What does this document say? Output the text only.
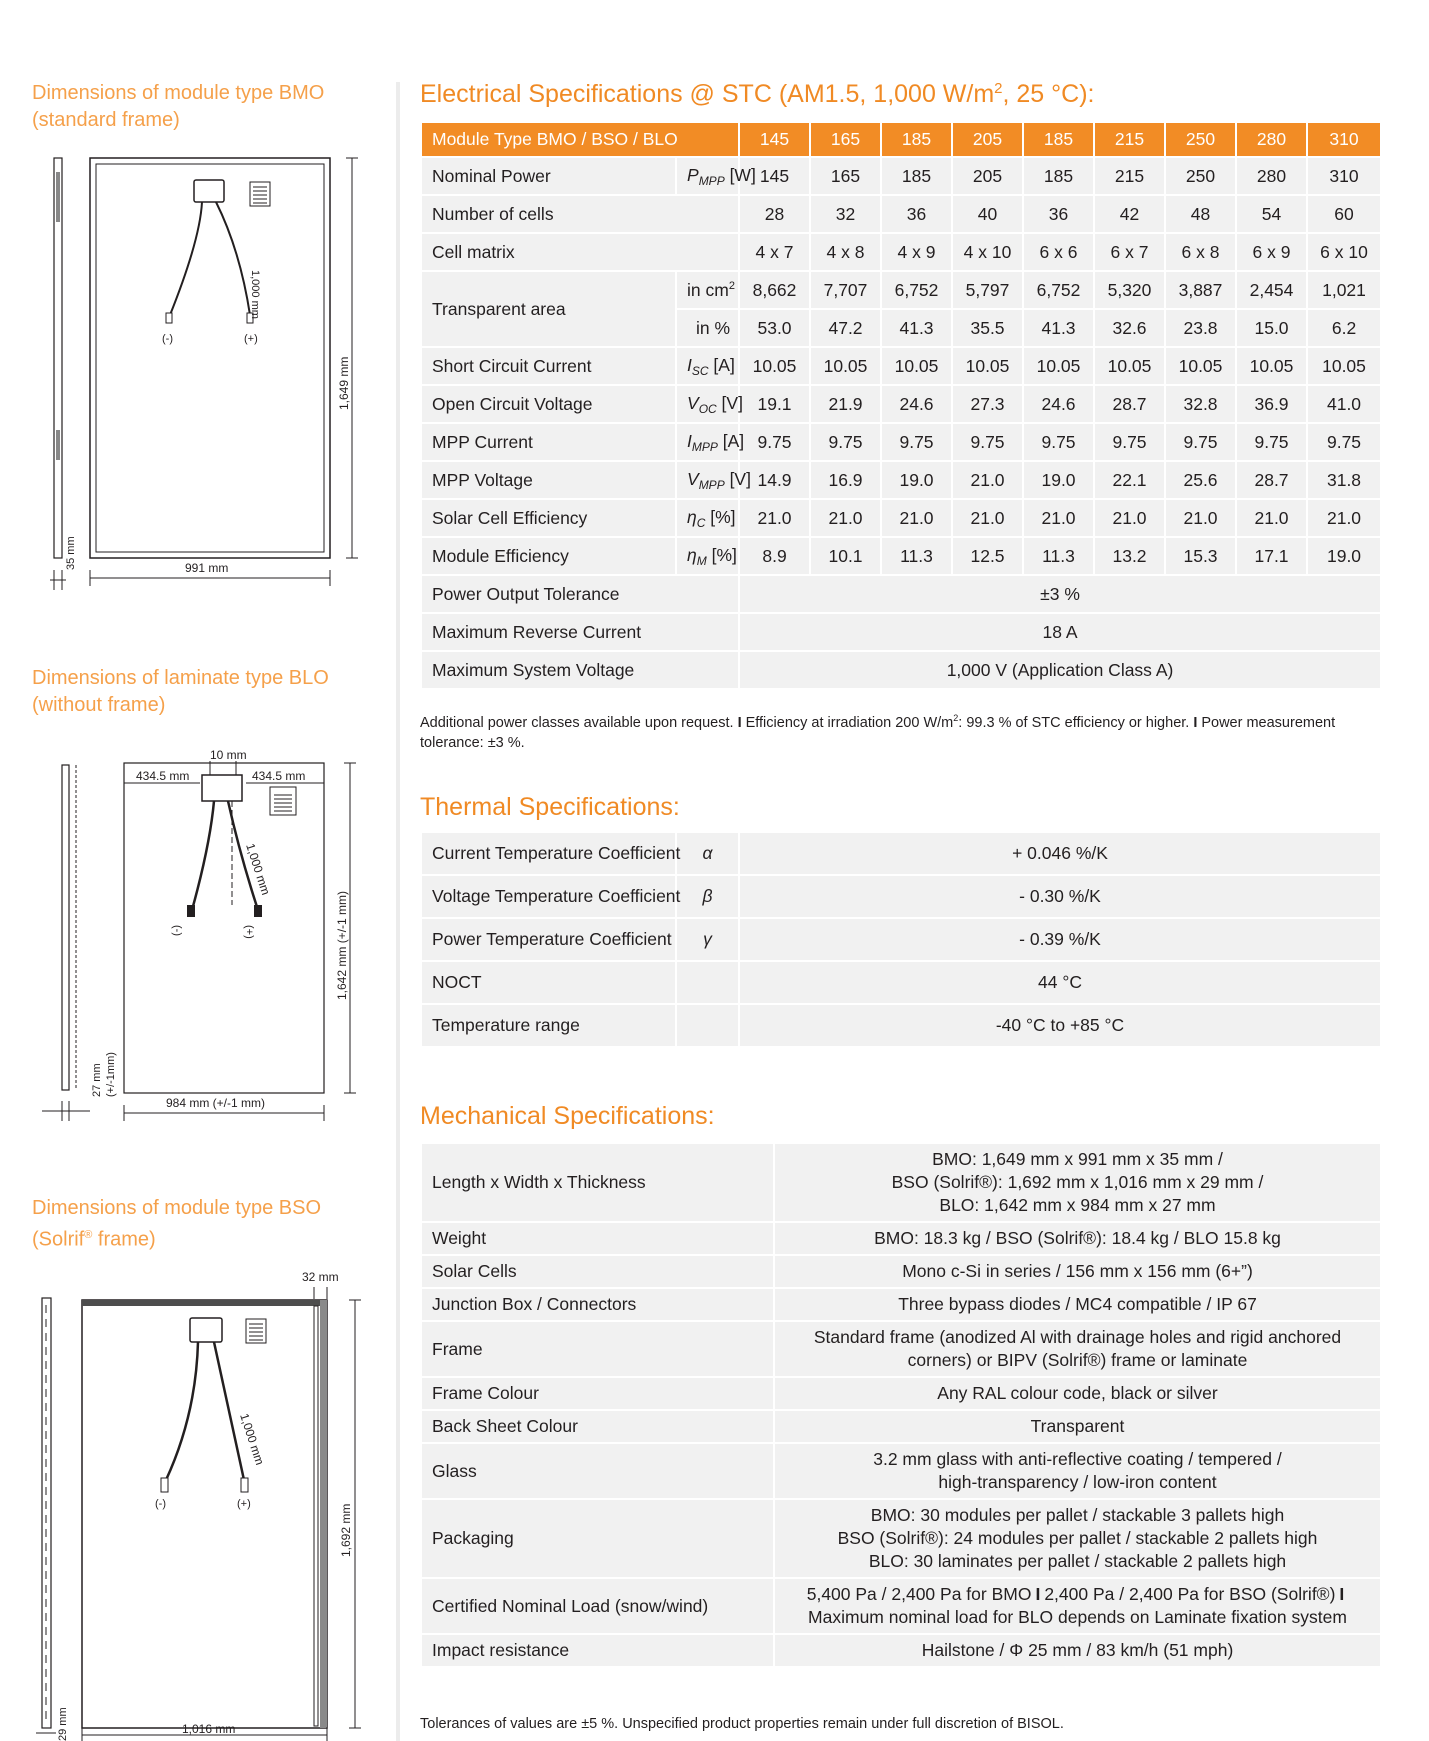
Dimensions of module type BMO
(standard frame)
1,000 mm
(-)	(+)
1,649 mm
35 mm	991 mm
Dimensions of laminate type BLO
(without frame)
10 mm
434.5 mm	434.5 mm
1,000 mm
(-)	(+)	1,642 mm (+/-1 mm)
27 mm (+/-1mm)
984 mm (+/-1 mm)
Dimensions of module type BSO
(Solrif® frame)
32 mm
1,000 mm
(-)	(+)	1,692 mm
29 mm	1,016 mm
Electrical Specifications @ STC (AM1.5, 1,000 $W/m^2$, 25 °C):
Module Type BMO / BSO / BLO		145	165	185	205	185	215	250	280	310
Nominal Power	$P_{MPP}$ [W]	145	165	185	205	185	215	250	280	310
Number of cells		28	32	36	40	36	42	48	54	60
Cell matrix		4 x 7	4 x 8	4 x 9	4 x 10	6 x 6	6 x 7	6 x 8	6 x 9	6 x 10
Transparent area	in $cm^2$	8,662	7,707	6,752	5,797	6,752	5,320	3,887	2,454	1,021
	in %	53.0	47.2	41.3	35.5	41.3	32.6	23.8	15.0	6.2
Short Circuit Current	$I_{SC}$ [A]	10.05	10.05	10.05	10.05	10.05	10.05	10.05	10.05	10.05
Open Circuit Voltage	$V_{OC}$ [V]	19.1	21.9	24.6	27.3	24.6	28.7	32.8	36.9	41.0
MPP Current	$I_{MPP}$ [A]	9.75	9.75	9.75	9.75	9.75	9.75	9.75	9.75	9.75
MPP Voltage	$V_{MPP}$ [V]	14.9	16.9	19.0	21.0	19.0	22.1	25.6	28.7	31.8
Solar Cell Efficiency	$\eta_C$ [%]	21.0	21.0	21.0	21.0	21.0	21.0	21.0	21.0	21.0
Module Efficiency	$\eta_M$ [%]	8.9	10.1	11.3	12.5	11.3	13.2	15.3	17.1	19.0
Power Output Tolerance		±3 %								
Maximum Reverse Current		18 A								
Maximum System Voltage		1,000 V (Application Class A)								
Additional power classes available upon request. I Efficiency at irradiation 200 $W/m^2$: 99.3 % of STC efficiency or higher. I Power measurement tolerance: ±3 %.
Thermal Specifications:
Current Temperature Coefficient	α	+ 0.046 %/K
Voltage Temperature Coefficient	β	- 0.30 %/K
Power Temperature Coefficient	γ	- 0.39 %/K
NOCT		44 °C
Temperature range		-40 °C to +85 °C
Mechanical Specifications:
Length x Width x Thickness	BMO: 1,649 mm x 991 mm x 35 mm /
BSO (Solrif®): 1,692 mm x 1,016 mm x 29 mm /
BLO: 1,642 mm x 984 mm x 27 mm

Weight	BMO: 18.3 kg / BSO (Solrif®): 18.4 kg / BLO 15.8 kg
Solar Cells	Mono c-Si in series / 156 mm x 156 mm (6+”)
Junction Box / Connectors	Three bypass diodes / MC4 compatible / IP 67
Frame	Standard frame (anodized Al with drainage holes and rigid anchored
corners) or BIPV (Solrif®) frame or laminate

Frame Colour	Any RAL colour code, black or silver
Back Sheet Colour	Transparent
Glass	3.2 mm glass with anti-reflective coating / tempered /
high-transparency / low-iron content

Packaging	BMO: 30 modules per pallet / stackable 3 pallets high
BSO (Solrif®): 24 modules per pallet / stackable 2 pallets high
BLO: 30 laminates per pallet / stackable 2 pallets high

Certified Nominal Load (snow/wind)	5,400 Pa / 2,400 Pa for BMO I 2,400 Pa / 2,400 Pa for BSO (Solrif®) I
Maximum nominal load for BLO depends on Laminate fixation system

Impact resistance	Hailstone / Φ 25 mm / 83 km/h (51 mph)
Tolerances of values are ±5 %. Unspecified product properties remain under full discretion of BISOL.
